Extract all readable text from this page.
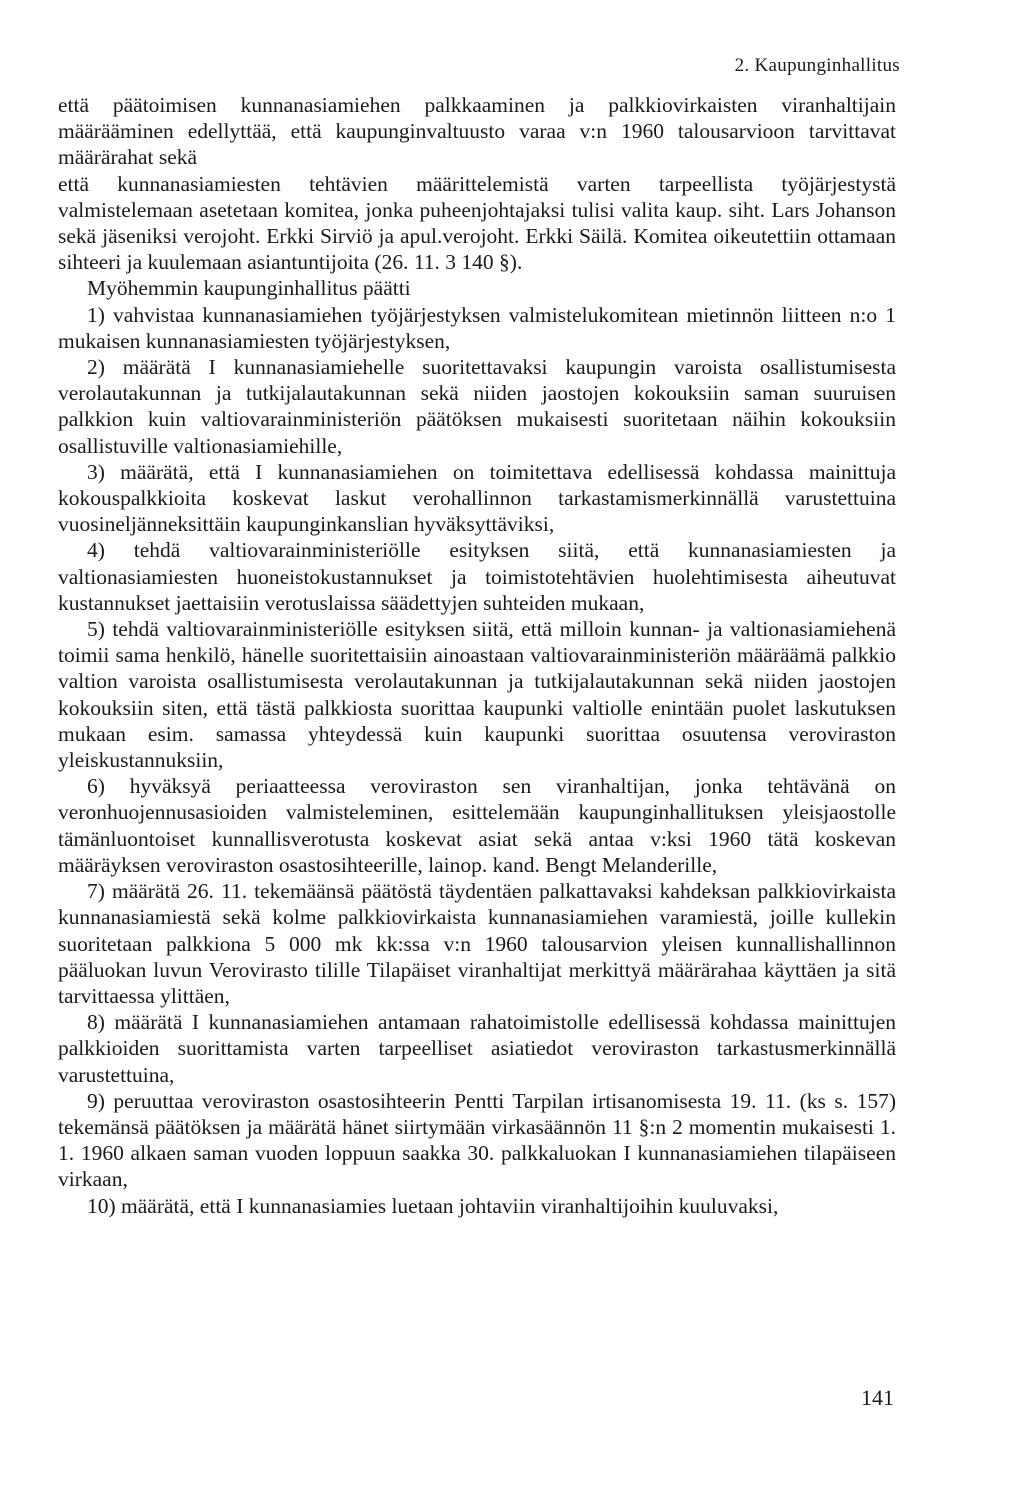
2. Kaupunginhallitus

että päätoimisen kunnanasiamiehen palkkaaminen ja palkkiovirkaisten viranhaltijain määrääminen edellyttää, että kaupunginvaltuusto varaa v:n 1960 talousarvioon tarvittavat määrärahat sekä

että kunnanasiamiesten tehtävien määrittelemistä varten tarpeellista työjärjestystä valmistelemaan asetetaan komitea, jonka puheenjohtajaksi tulisi valita kaup. siht. Lars Johanson sekä jäseniksi verojoht. Erkki Sirviö ja apul.verojoht. Erkki Säilä. Komitea oikeutettiin ottamaan sihteeri ja kuulemaan asiantuntijoita (26. 11. 3 140 §).

Myöhemmin kaupunginhallitus päätti

1) vahvistaa kunnanasiamiehen työjärjestyksen valmistelukomitean mietinnön liitteen n:o 1 mukaisen kunnanasiamiesten työjärjestyksen,

2) määrätä I kunnanasiamiehelle suoritettavaksi kaupungin varoista osallistumisesta verolautakunnan ja tutkijalautakunnan sekä niiden jaostojen kokouksiin saman suuruisen palkkion kuin valtiovarainministeriön päätöksen mukaisesti suoritetaan näihin kokouksiin osallistuville valtionasiamiehille,

3) määrätä, että I kunnanasiamiehen on toimitettava edellisessä kohdassa mainittuja kokouspalkkioita koskevat laskut verohallinnon tarkastamismerkinnällä varustettuina vuosineljänneksittäin kaupunginkanslian hyväksyttäviksi,

4) tehdä valtiovarainministeriölle esityksen siitä, että kunnanasiamiesten ja valtionasiamiesten huoneistokustannukset ja toimistotehtävien huolehtimisesta aiheutuvat kustannukset jaettaisiin verotuslaissa säädettyjen suhteiden mukaan,

5) tehdä valtiovarainministeriölle esityksen siitä, että milloin kunnan- ja valtionasiamiehenä toimii sama henkilö, hänelle suoritettaisiin ainoastaan valtiovarainministeriön määräämä palkkio valtion varoista osallistumisesta verolautakunnan ja tutkijalautakunnan sekä niiden jaostojen kokouksiin siten, että tästä palkkiosta suorittaa kaupunki valtiolle enintään puolet laskutuksen mukaan esim. samassa yhteydessä kuin kaupunki suorittaa osuutensa veroviraston yleiskustannuksiin,

6) hyväksyä periaatteessa veroviraston sen viranhaltijan, jonka tehtävänä on veronhuojennusasioiden valmisteleminen, esittelemään kaupunginhallituksen yleisjaostolle tämänluontoiset kunnallisverotusta koskevat asiat sekä antaa v:ksi 1960 tätä koskevan määräyksen veroviraston osastosihteerille, lainop. kand. Bengt Melanderille,

7) määrätä 26. 11. tekemäänsä päätöstä täydentäen palkattavaksi kahdeksan palkkiovirkaista kunnanasiamiestä sekä kolme palkkiovirkaista kunnanasiamiehen varamiestä, joille kullekin suoritetaan palkkiona 5 000 mk kk:ssa v:n 1960 talousarvion yleisen kunnallishallinnon pääluokan luvun Verovirasto tilille Tilapäiset viranhaltijat merkittyä määrärahaa käyttäen ja sitä tarvittaessa ylittäen,

8) määrätä I kunnanasiamiehen antamaan rahatoimistolle edellisessä kohdassa mainittujen palkkioiden suorittamista varten tarpeelliset asiatiedot veroviraston tarkastusmerkinnällä varustettuina,

9) peruuttaa veroviraston osastosihteerin Pentti Tarpilan irtisanomisesta 19. 11. (ks s. 157) tekemänsä päätöksen ja määrätä hänet siirtymään virkasäännön 11 §:n 2 momentin mukaisesti 1. 1. 1960 alkaen saman vuoden loppuun saakka 30. palkkaluokan I kunnanasiamiehen tilapäiseen virkaan,

10) määrätä, että I kunnanasiamies luetaan johtaviin viranhaltijoihin kuuluvaksi,

141
